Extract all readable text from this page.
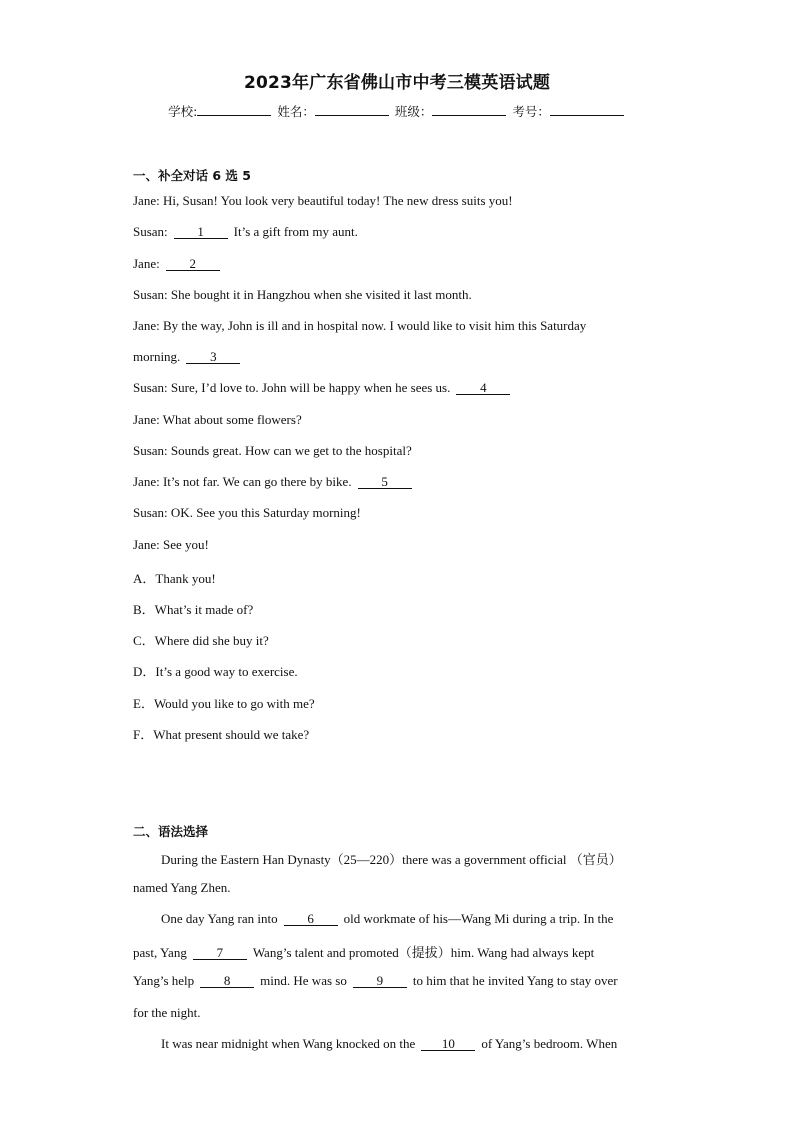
2023年广东省佛山市中考三模英语试题
学校:	姓名：	班级：	考号：
一、补全对话 6 选 5
Jane: Hi, Susan! You look very beautiful today! The new dress suits you!
Susan: 1 It’s a gift from my aunt.
Jane: 2
Susan: She bought it in Hangzhou when she visited it last month.
Jane: By the way, John is ill and in hospital now. I would like to visit him this Saturday
morning. 3
Susan: Sure, I’d love to. John will be happy when he sees us. 4
Jane: What about some flowers?
Susan: Sounds great. How can we get to the hospital?
Jane: It’s not far. We can go there by bike. 5
Susan: OK. See you this Saturday morning!
Jane: See you!
A．Thank you!
B．What’s it made of?
C．Where did she buy it?
D．It’s a good way to exercise.
E．Would you like to go with me?
F．What present should we take?
二、语法选择
During the Eastern Han Dynasty（25—220）there was a government official （官员）
named Yang Zhen.
One day Yang ran into 6 old workmate of his—Wang Mi during a trip. In the
past, Yang 7 Wang’s talent and promoted（提拔）him. Wang had always kept
Yang’s help 8 mind. He was so 9 to him that he invited Yang to stay over
for the night.
It was near midnight when Wang knocked on the 10 of Yang’s bedroom. When
